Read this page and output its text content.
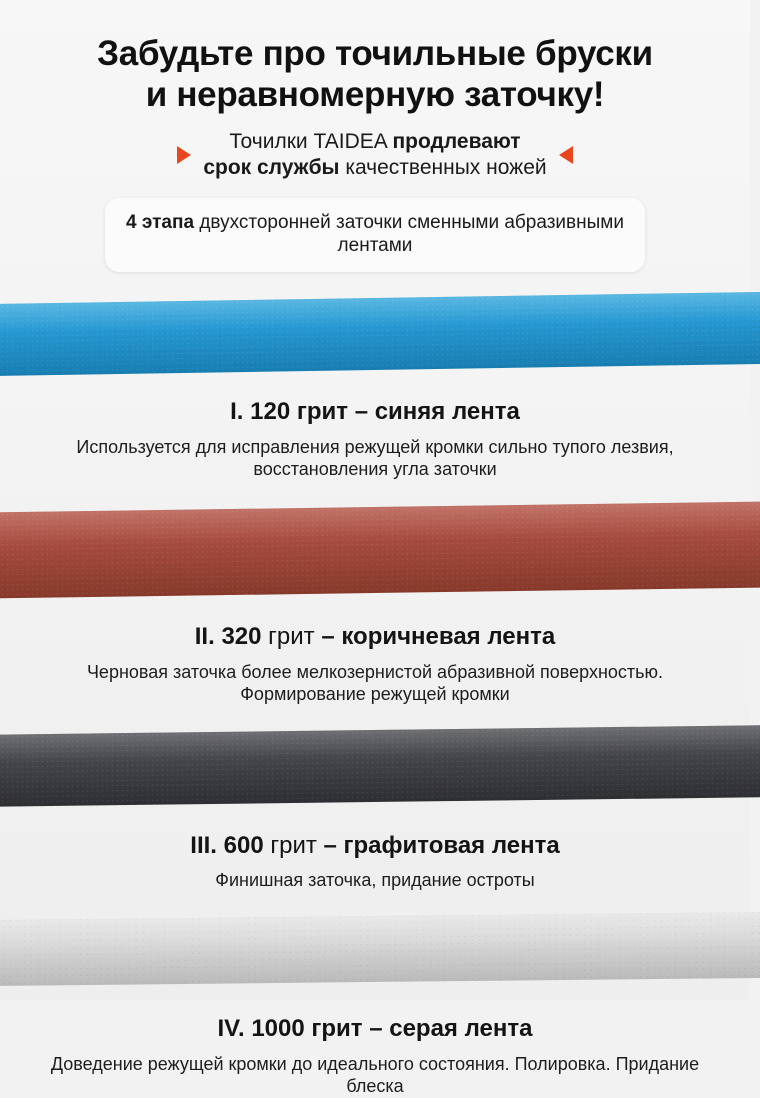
Забудьте про точильные бруски
и неравномерную заточку!
Точилки TAIDEA продлевают
срок службы качественных ножей
4 этапа двухсторонней заточки сменными абразивными лентами

I. 120 грит – синяя лента

Используется для исправления режущей кромки сильно тупого лезвия, восстановления угла заточки

II. 320 грит – коричневая лента

Черновая заточка более мелкозернистой абразивной поверхностью. Формирование режущей кромки

III. 600 грит – графитовая лента

Финишная заточка, придание остроты

IV. 1000 грит – серая лента

Доведение режущей кромки до идеального состояния. Полировка. Придание блеска
